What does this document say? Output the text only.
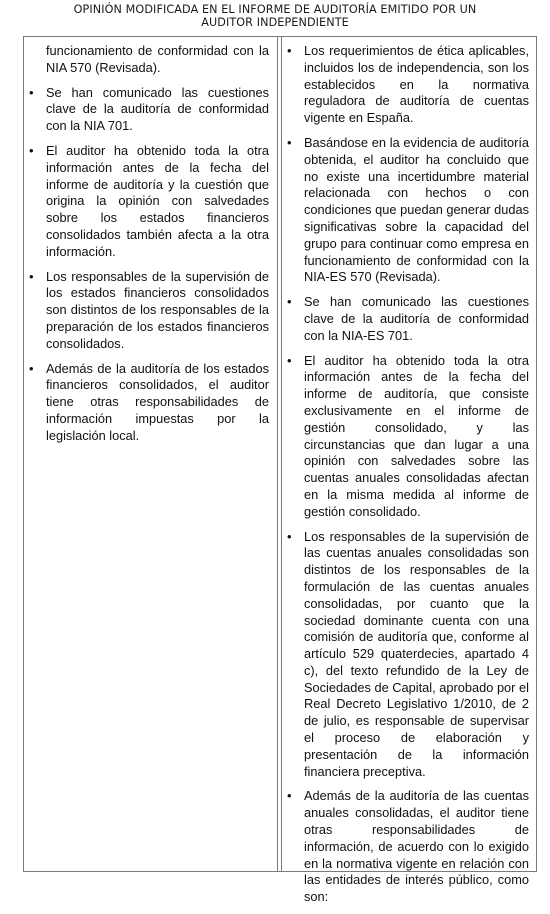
OPINIÓN MODIFICADA EN EL INFORME DE AUDITORÍA EMITIDO POR UN
AUDITOR INDEPENDIENTE

funcionamiento de conformidad con la NIA 570 (Revisada).

• Se han comunicado las cuestiones clave de la auditoría de conformidad con la NIA 701.
• El auditor ha obtenido toda la otra información antes de la fecha del informe de auditoría y la cuestión que origina la opinión con salvedades sobre los estados financieros consolidados también afecta a la otra información.
• Los responsables de la supervisión de los estados financieros consolidados son distintos de los responsables de la preparación de los estados financieros consolidados.
• Además de la auditoría de los estados financieros consolidados, el auditor tiene otras responsabilidades de información impuestas por la legislación local.
• Los requerimientos de ética aplicables, incluidos los de independencia, son los establecidos en la normativa reguladora de auditoría de cuentas vigente en España.
• Basándose en la evidencia de auditoría obtenida, el auditor ha concluido que no existe una incertidumbre material relacionada con hechos o con condiciones que puedan generar dudas significativas sobre la capacidad del grupo para continuar como empresa en funcionamiento de conformidad con la NIA-ES 570 (Revisada).
• Se han comunicado las cuestiones clave de la auditoría de conformidad con la NIA-ES 701.
• El auditor ha obtenido toda la otra información antes de la fecha del informe de auditoría, que consiste exclusivamente en el informe de gestión consolidado, y las circunstancias que dan lugar a una opinión con salvedades sobre las cuentas anuales consolidadas afectan en la misma medida al informe de gestión consolidado.
• Los responsables de la supervisión de las cuentas anuales consolidadas son distintos de los responsables de la formulación de las cuentas anuales consolidadas, por cuanto que la sociedad dominante cuenta con una comisión de auditoría que, conforme al artículo 529 quaterdecies, apartado 4 c), del texto refundido de la Ley de Sociedades de Capital, aprobado por el Real Decreto Legislativo 1/2010, de 2 de julio, es responsable de supervisar el proceso de elaboración y presentación de la información financiera preceptiva.
• Además de la auditoría de las cuentas anuales consolidadas, el auditor tiene otras responsabilidades de información, de acuerdo con lo exigido en la normativa vigente en relación con las entidades de interés público, como son:
